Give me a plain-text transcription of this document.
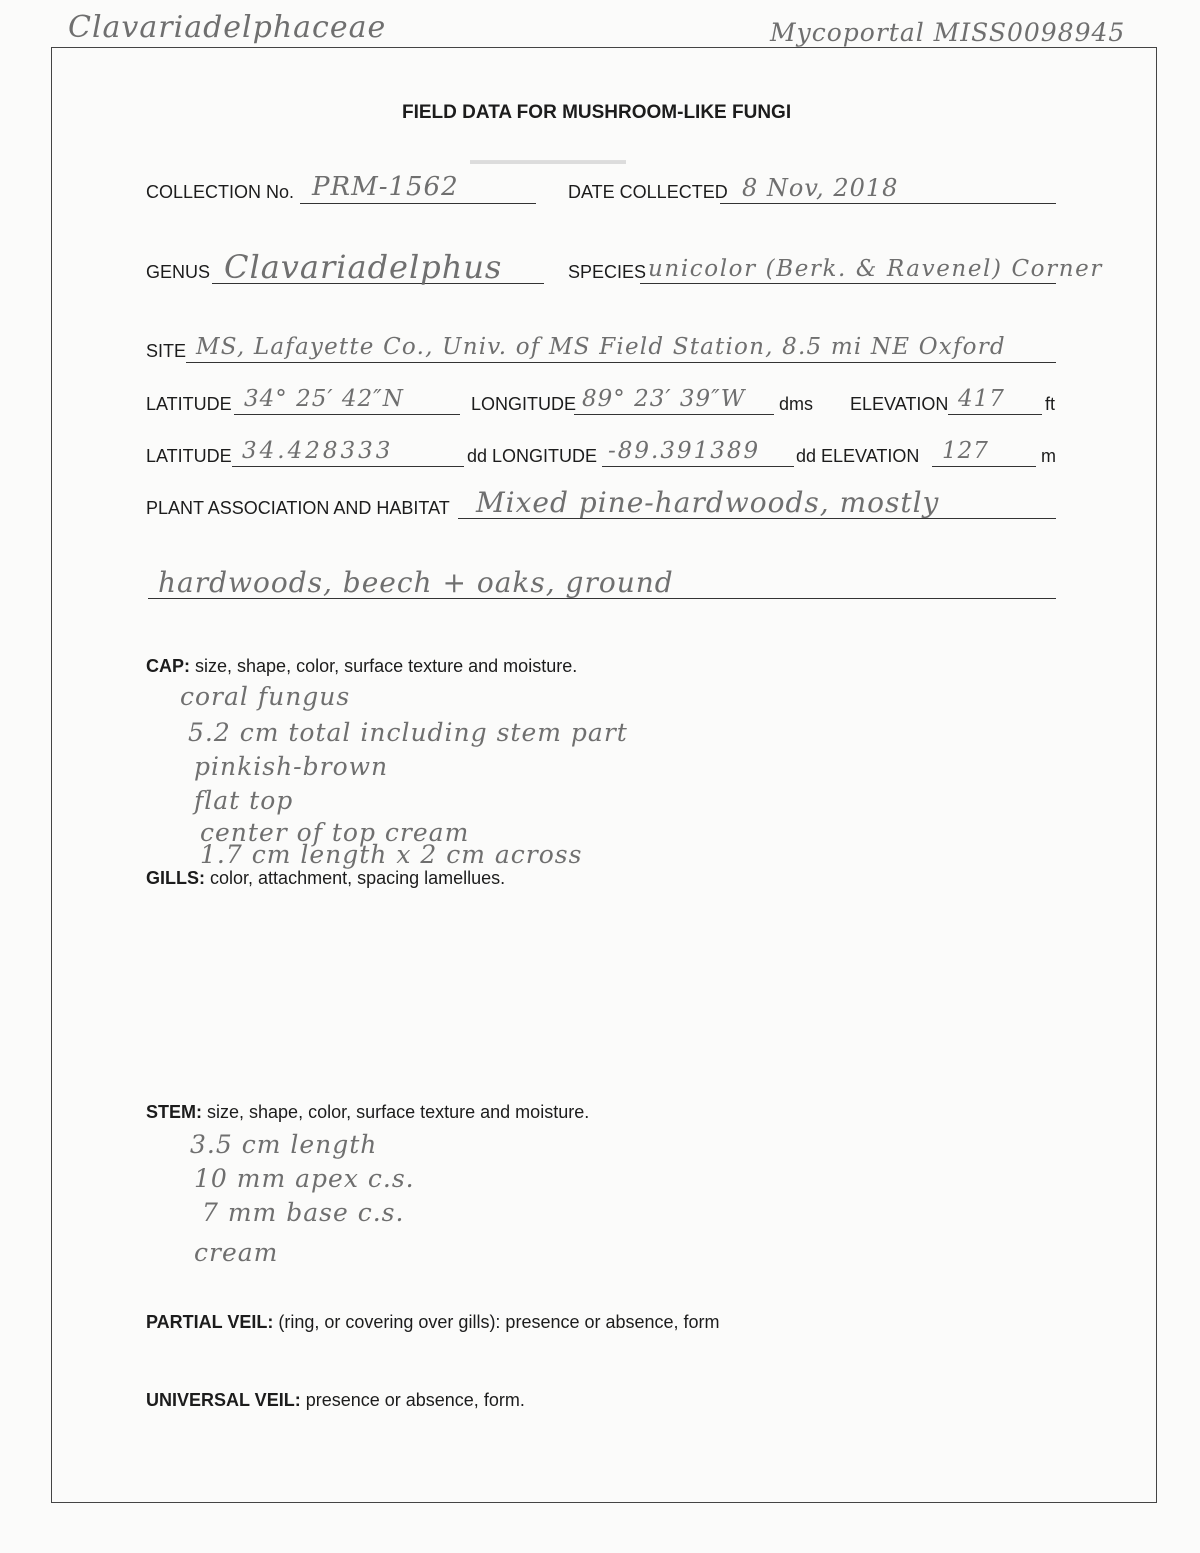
Clavariadelphaceae	Mycoportal MISS0098945
▬▬▬▬▬▬▬▬▬▬▬▬
FIELD DATA FOR MUSHROOM-LIKE FUNGI
COLLECTION No. PRM-1562	DATE COLLECTED 8 Nov, 2018
GENUS Clavariadelphus	SPECIES unicolor (Berk. & Ravenel) Corner
SITE MS, Lafayette Co., Univ. of MS Field Station, 8.5 mi NE Oxford
LATITUDE 34° 25′ 42″N	LONGITUDE 89° 23′ 39″W dms ELEVATION 417 ft
LATITUDE 34.428333	dd LONGITUDE -89.391389 dd ELEVATION 127	m
PLANT ASSOCIATION AND HABITAT Mixed pine-hardwoods, mostly
hardwoods, beech + oaks, ground
CAP: size, shape, color, surface texture and moisture.
coral fungus
5.2 cm total including stem part
pinkish-brown
flat top
center of top cream
1.7 cm length x 2 cm across
GILLS: color, attachment, spacing lamellues.
STEM: size, shape, color, surface texture and moisture.
3.5 cm length
10 mm apex c.s.
7 mm base c.s.
cream
PARTIAL VEIL: (ring, or covering over gills): presence or absence, form
UNIVERSAL VEIL: presence or absence, form.
